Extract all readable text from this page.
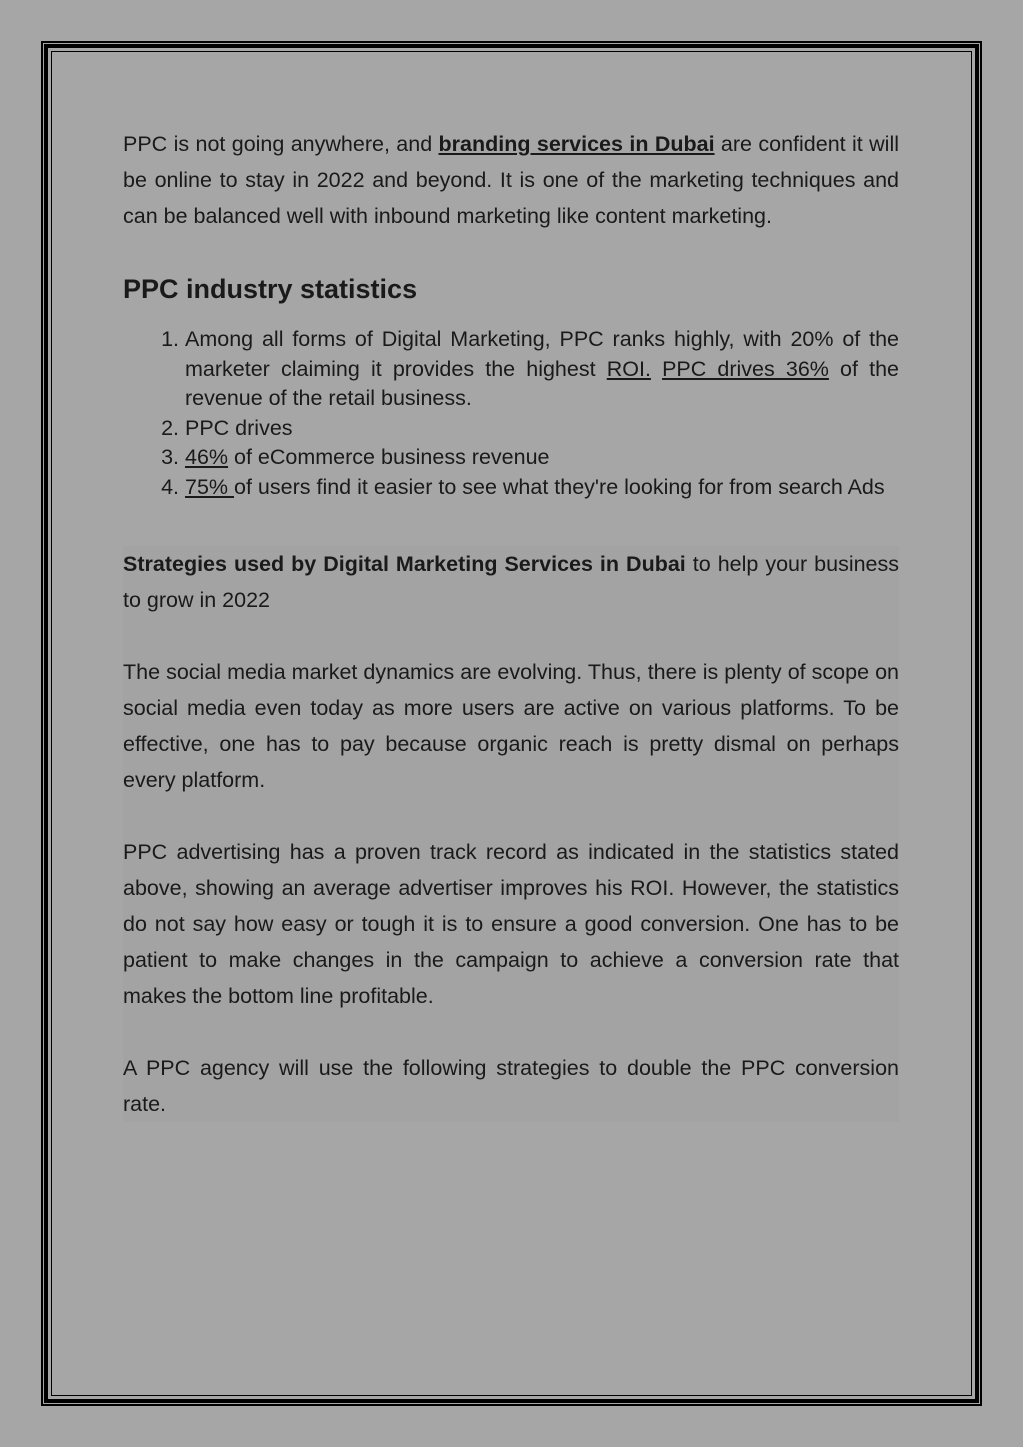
PPC is not going anywhere, and branding services in Dubai are confident it will be online to stay in 2022 and beyond. It is one of the marketing techniques and can be balanced well with inbound marketing like content marketing.

PPC industry statistics
1. Among all forms of Digital Marketing, PPC ranks highly, with 20% of the marketer claiming it provides the highest ROI. PPC drives 36% of the revenue of the retail business.
2. PPC drives
3. 46% of eCommerce business revenue
4. 75% of users find it easier to see what they're looking for from search Ads

Strategies used by Digital Marketing Services in Dubai to help your business to grow in 2022

The social media market dynamics are evolving. Thus, there is plenty of scope on social media even today as more users are active on various platforms. To be effective, one has to pay because organic reach is pretty dismal on perhaps every platform.

PPC advertising has a proven track record as indicated in the statistics stated above, showing an average advertiser improves his ROI. However, the statistics do not say how easy or tough it is to ensure a good conversion. One has to be patient to make changes in the campaign to achieve a conversion rate that makes the bottom line profitable.

A PPC agency will use the following strategies to double the PPC conversion rate.
